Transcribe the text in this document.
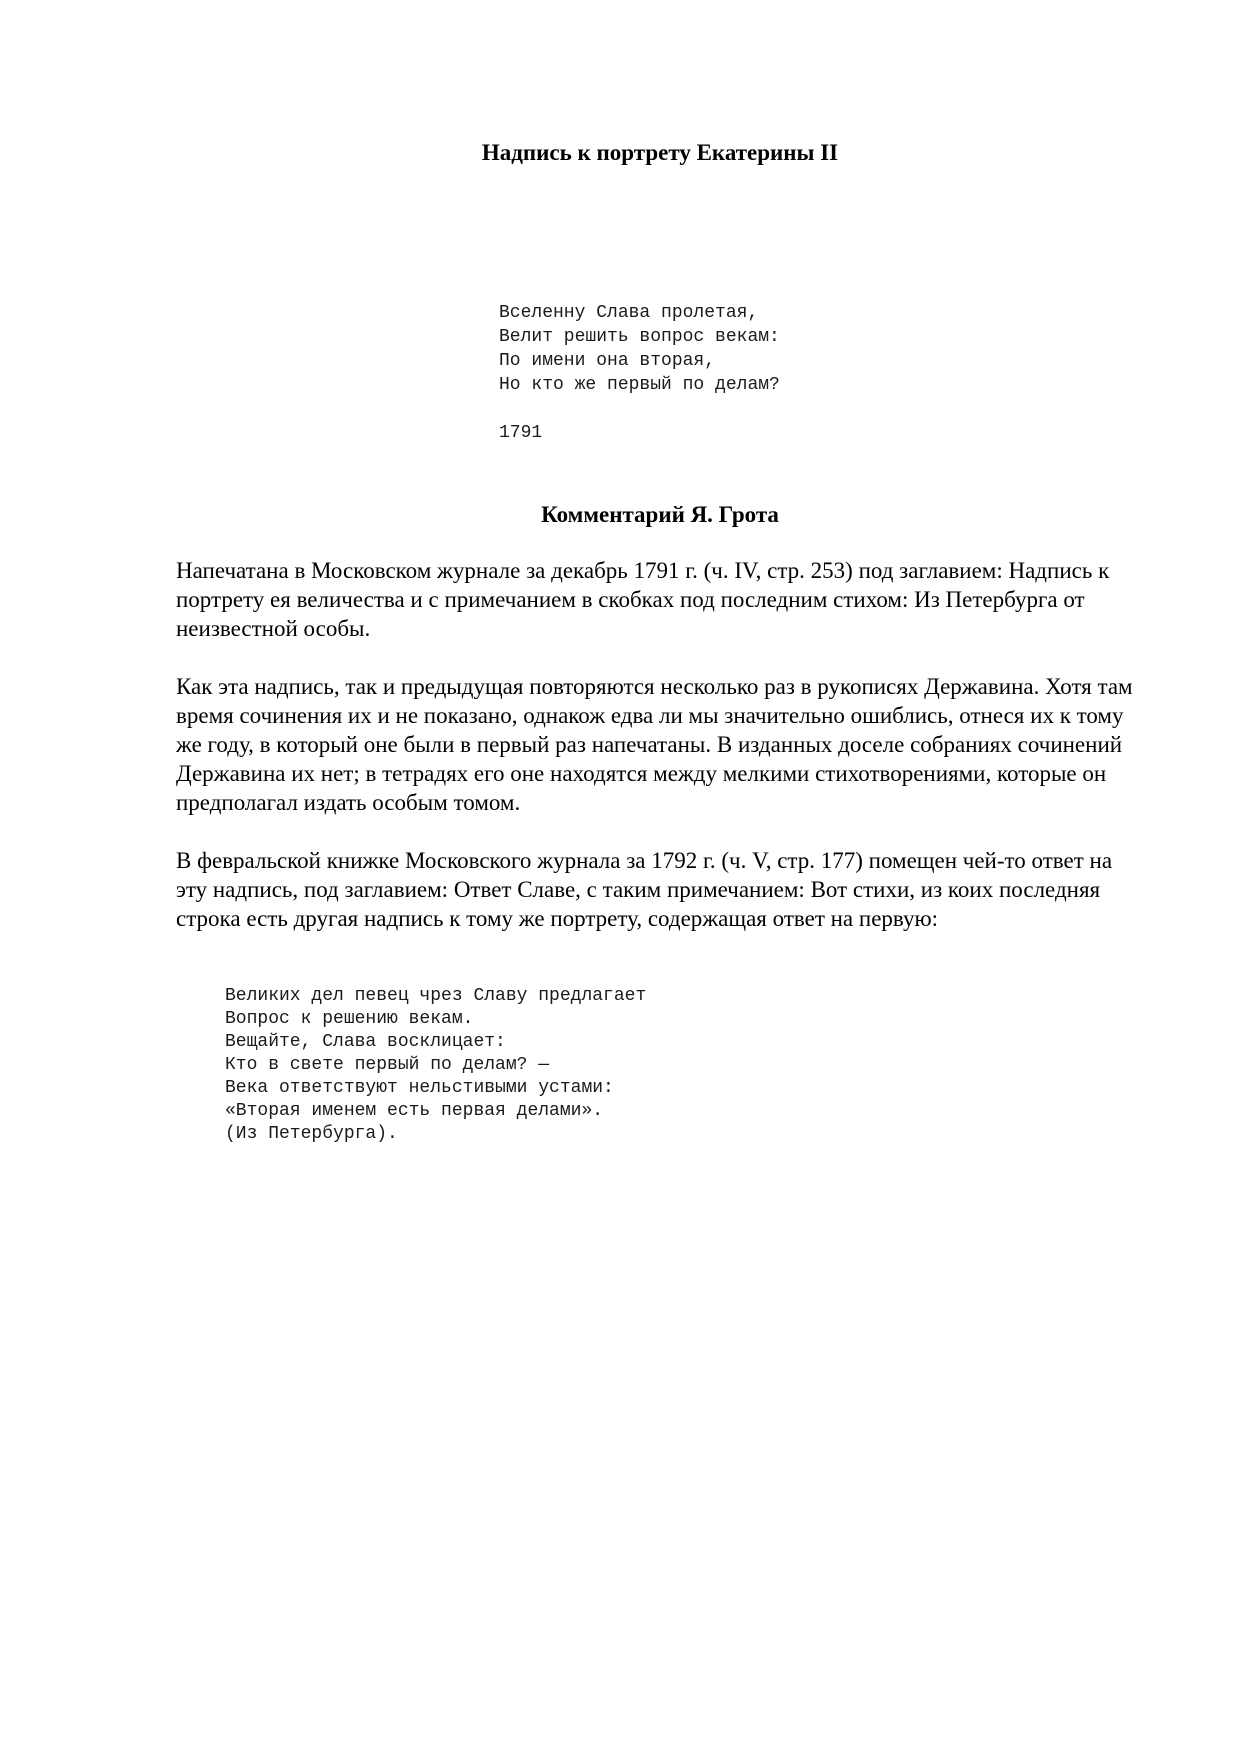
Надпись к портрету Екатерины II
Вселенну Слава пролетая,
Велит решить вопрос векам:
По имени она вторая,
Но кто же первый по делам?
1791
Комментарий Я. Грота

Напечатана в Московском журнале за декабрь 1791 г. (ч. IV, стр. 253) под заглавием: Надпись к портрету ея величества и с примечанием в скобках под последним стихом: Из Петербурга от неизвестной особы.

Как эта надпись, так и предыдущая повторяются несколько раз в рукописях Державина. Хотя там время сочинения их и не показано, однакож едва ли мы значительно ошиблись, отнеся их к тому же году, в который оне были в первый раз напечатаны. В изданных доселе собраниях сочинений Державина их нет; в тетрадях его оне находятся между мелкими стихотворениями, которые он предполагал издать особым томом.

В февральской книжке Московского журнала за 1792 г. (ч. V, стр. 177) помещен чей-то ответ на эту надпись, под заглавием: Ответ Славе, с таким примечанием: Вот стихи, из коих последняя строка есть другая надпись к тому же портрету, содержащая ответ на первую:

Великих дел певец чрез Славу предлагает
Вопрос к решению векам.
Вещайте, Слава восклицает:
Кто в свете первый по делам? —
Века ответствуют нельстивыми устами:
«Вторая именем есть первая делами».
(Из Петербурга).
